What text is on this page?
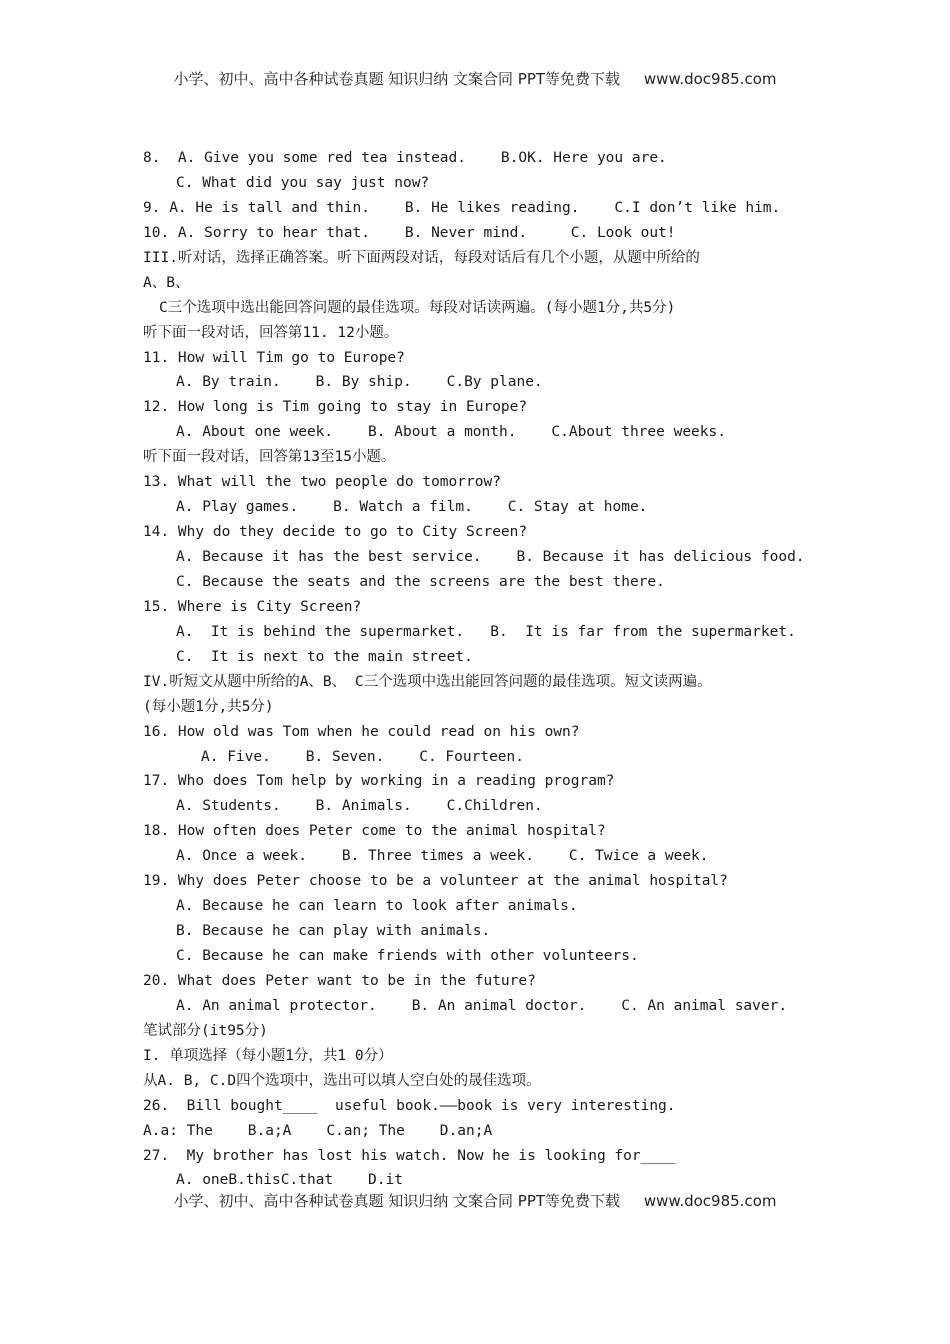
小学、初中、高中各种试卷真题 知识归纳 文案合同 PPT等免费下载 www.doc985.com
8.  A. Give you some red tea instead.    B.OK. Here you are.
C. What did you say just now?
9. A. He is tall and thin.    B. He likes reading.    C.I don’t like him.
10. A. Sorry to hear that.    B. Never mind.     C. Look out!
III.听对话，选择正确答案。听下面两段对话，每段对话后有几个小题，从题中所给的
A、B、
C三个选项中选出能回答问题的最佳选项。每段对话读两遍。(每小题1分,共5分)
听下面一段对话，回答第11. 12小题。
11. How will Tim go to Europe?
A. By train.    B. By ship.    C.By plane.
12. How long is Tim going to stay in Europe?
A. About one week.    B. About a month.    C.About three weeks.
听下面一段对话，回答第13至15小题。
13. What will the two people do tomorrow?
A. Play games.    B. Watch a film.    C. Stay at home.
14. Why do they decide to go to City Screen?
A. Because it has the best service.    B. Because it has delicious food.
C. Because the seats and the screens are the best there.
15. Where is City Screen?
A.  It is behind the supermarket.   B.  It is far from the supermarket.
C.  It is next to the main street.
IV.听短文从题中所给的A、B、 C三个选项中选出能回答问题的最佳选项。短文读两遍。
(每小题1分,共5分)
16. How old was Tom when he could read on his own?
A. Five.    B. Seven.    C. Fourteen.
17. Who does Tom help by working in a reading program?
A. Students.    B. Animals.    C.Children.
18. How often does Peter come to the animal hospital?
A. Once a week.    B. Three times a week.    C. Twice a week.
19. Why does Peter choose to be a volunteer at the animal hospital?
A. Because he can learn to look after animals.
B. Because he can play with animals.
C. Because he can make friends with other volunteers.
20. What does Peter want to be in the future?
A. An animal protector.    B. An animal doctor.    C. An animal saver.
笔试部分(it95分)
I. 单项选择（每小题1分，共1 0分）
从A. B, C.D四个选项中，选出可以填人空白处的晟佳选项。
26.  Bill bought____  useful book.——book is very interesting.
A.a: The    B.a;A    C.an; The    D.an;A
27.  My brother has lost his watch. Now he is looking for____
A. oneB.thisC.that    D.it
小学、初中、高中各种试卷真题 知识归纳 文案合同 PPT等免费下载 www.doc985.com
